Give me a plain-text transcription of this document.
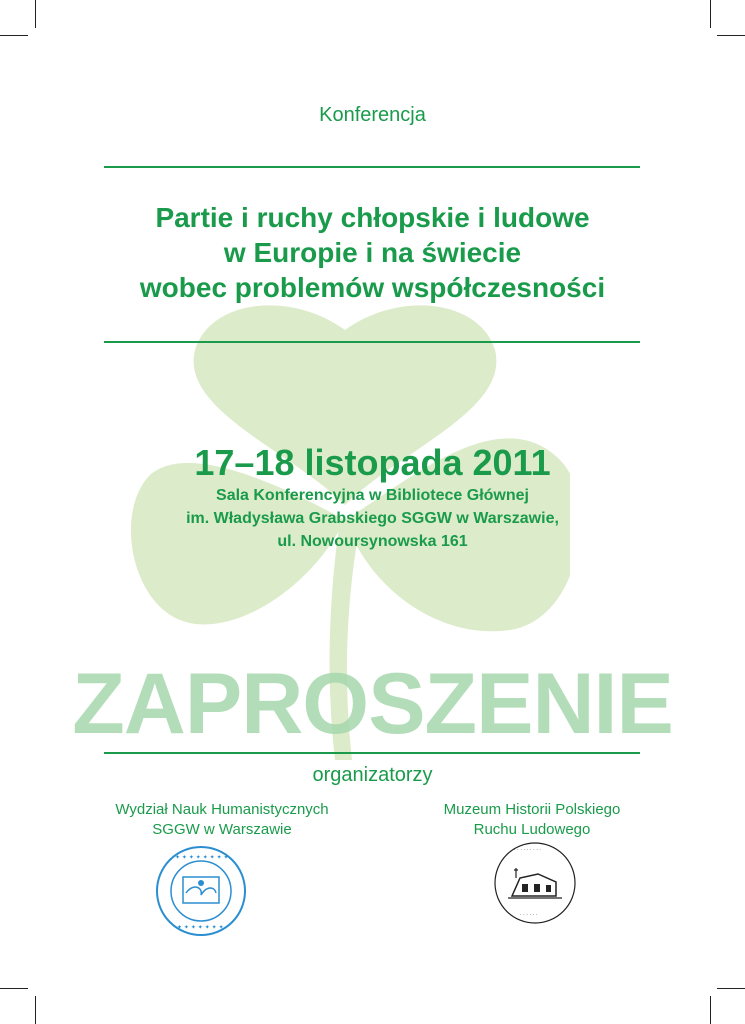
Konferencja
Partie i ruchy chłopskie i ludowe
w Europie i na świecie
wobec problemów współczesności
17–18 listopada 2011
Sala Konferencyjna w Bibliotece Głównej
im. Władysława Grabskiego SGGW w Warszawie,
ul. Nowoursynowska 161
ZAPROSZENIE
organizatorzy
Wydział Nauk Humanistycznych
SGGW w Warszawie
Muzeum Historii Polskiego
Ruchu Ludowego
✦ ✦ ✦ ✦ ✦ ✦ ✦ ✦
✦ ✦ ✦ ✦ ✦ ✦ ✦
· · · · · · · · ·
· · · · · ·
